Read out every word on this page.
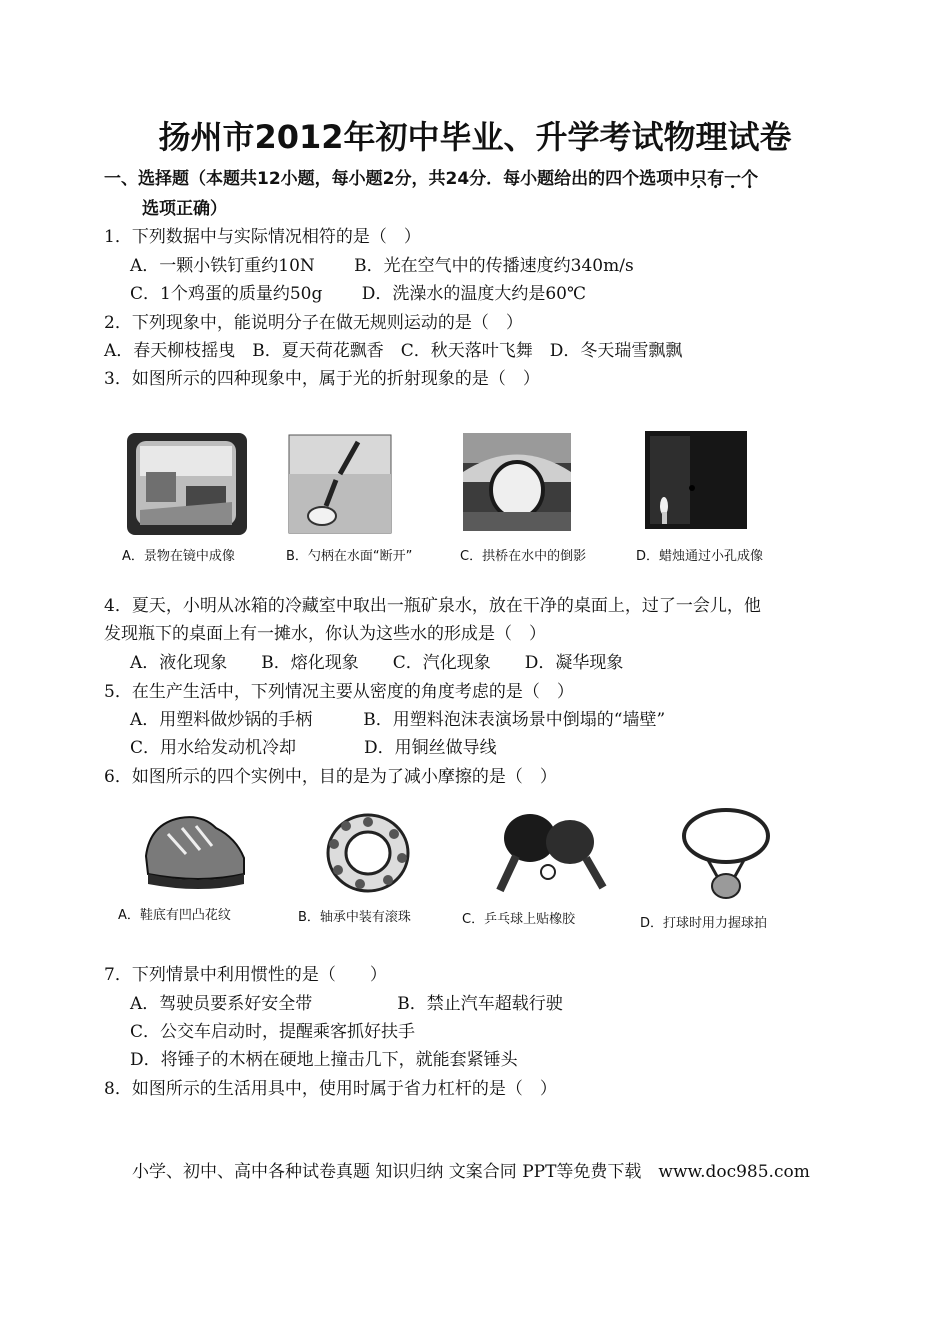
扬州市2012年初中毕业、升学考试物理试卷
一、选择题（本题共12小题，每小题2分，共24分．每小题给出的四个选项中只有一个
选项正确）
1．下列数据中与实际情况相符的是（　）
A．一颗小铁钉重约10N　　 B．光在空气中的传播速度约340m/s
C．1个鸡蛋的质量约50g　　 D．洗澡水的温度大约是60℃
2．下列现象中，能说明分子在做无规则运动的是（　）
A．春天柳枝摇曳　B．夏天荷花飘香　C．秋天落叶飞舞　D．冬天瑞雪飘飘
3．如图所示的四种现象中，属于光的折射现象的是（　）
A．景物在镜中成像	B．勺柄在水面“断开”	C．拱桥在水中的倒影	D．蜡烛通过小孔成像
4．夏天，小明从冰箱的冷藏室中取出一瓶矿泉水，放在干净的桌面上，过了一会儿，他
发现瓶下的桌面上有一摊水，你认为这些水的形成是（　）
A．液化现象　　B．熔化现象　　C．汽化现象　　D．凝华现象
5．在生产生活中，下列情况主要从密度的角度考虑的是（　）
A．用塑料做炒锅的手柄　　　B．用塑料泡沫表演场景中倒塌的“墙壁”
C．用水给发动机冷却　　　　D．用铜丝做导线
6．如图所示的四个实例中，目的是为了减小摩擦的是（　）
A．鞋底有凹凸花纹	B．轴承中装有滚珠	C．乒乓球上贴橡胶	D．打球时用力握球拍
7．下列情景中利用惯性的是（　　）
A．驾驶员要系好安全带　　　　　B．禁止汽车超载行驶
C．公交车启动时，提醒乘客抓好扶手
D．将锤子的木柄在硬地上撞击几下，就能套紧锤头
8．如图所示的生活用具中，使用时属于省力杠杆的是（　）
小学、初中、高中各种试卷真题 知识归纳 文案合同 PPT等免费下载　www.doc985.com
